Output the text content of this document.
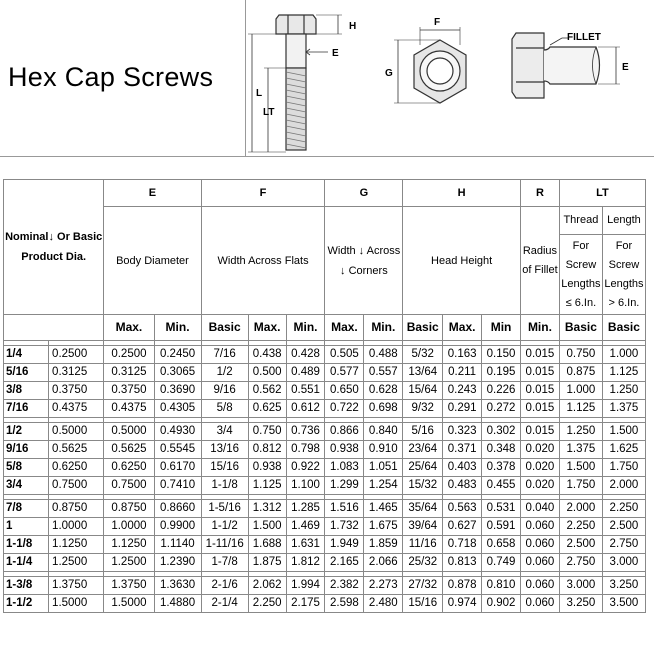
Hex Cap Screws
H
E
L
LT
F
G
FILLET
E
Nominal↓ Or Basic Product Dia.		E		F			G		H			R	LT	
		Body Diameter		Width Across Flats			Width ↓ Across ↓ Corners		Head Height			Radius of Fillet	Thread	Length
													For Screw Lengths ≤ 6.In.	For Screw Lengths > 6.In.
		Max.	Min.	Basic	Max.	Min.	Max.	Min.	Basic	Max.	Min	Min.	Basic	Basic

1/4	0.2500	0.2500	0.2450	7/16	0.438	0.428	0.505	0.488	5/32	0.163	0.150	0.015	0.750	1.000
5/16	0.3125	0.3125	0.3065	1/2	0.500	0.489	0.577	0.557	13/64	0.211	0.195	0.015	0.875	1.125
3/8	0.3750	0.3750	0.3690	9/16	0.562	0.551	0.650	0.628	15/64	0.243	0.226	0.015	1.000	1.250
7/16	0.4375	0.4375	0.4305	5/8	0.625	0.612	0.722	0.698	9/32	0.291	0.272	0.015	1.125	1.375

1/2	0.5000	0.5000	0.4930	3/4	0.750	0.736	0.866	0.840	5/16	0.323	0.302	0.015	1.250	1.500
9/16	0.5625	0.5625	0.5545	13/16	0.812	0.798	0.938	0.910	23/64	0.371	0.348	0.020	1.375	1.625
5/8	0.6250	0.6250	0.6170	15/16	0.938	0.922	1.083	1.051	25/64	0.403	0.378	0.020	1.500	1.750
3/4	0.7500	0.7500	0.7410	1-1/8	1.125	1.100	1.299	1.254	15/32	0.483	0.455	0.020	1.750	2.000

7/8	0.8750	0.8750	0.8660	1-5/16	1.312	1.285	1.516	1.465	35/64	0.563	0.531	0.040	2.000	2.250
1	1.0000	1.0000	0.9900	1-1/2	1.500	1.469	1.732	1.675	39/64	0.627	0.591	0.060	2.250	2.500
1-1/8	1.1250	1.1250	1.1140	1-11/16	1.688	1.631	1.949	1.859	11/16	0.718	0.658	0.060	2.500	2.750
1-1/4	1.2500	1.2500	1.2390	1-7/8	1.875	1.812	2.165	2.066	25/32	0.813	0.749	0.060	2.750	3.000

1-3/8	1.3750	1.3750	1.3630	2-1/6	2.062	1.994	2.382	2.273	27/32	0.878	0.810	0.060	3.000	3.250
1-1/2	1.5000	1.5000	1.4880	2-1/4	2.250	2.175	2.598	2.480	15/16	0.974	0.902	0.060	3.250	3.500
